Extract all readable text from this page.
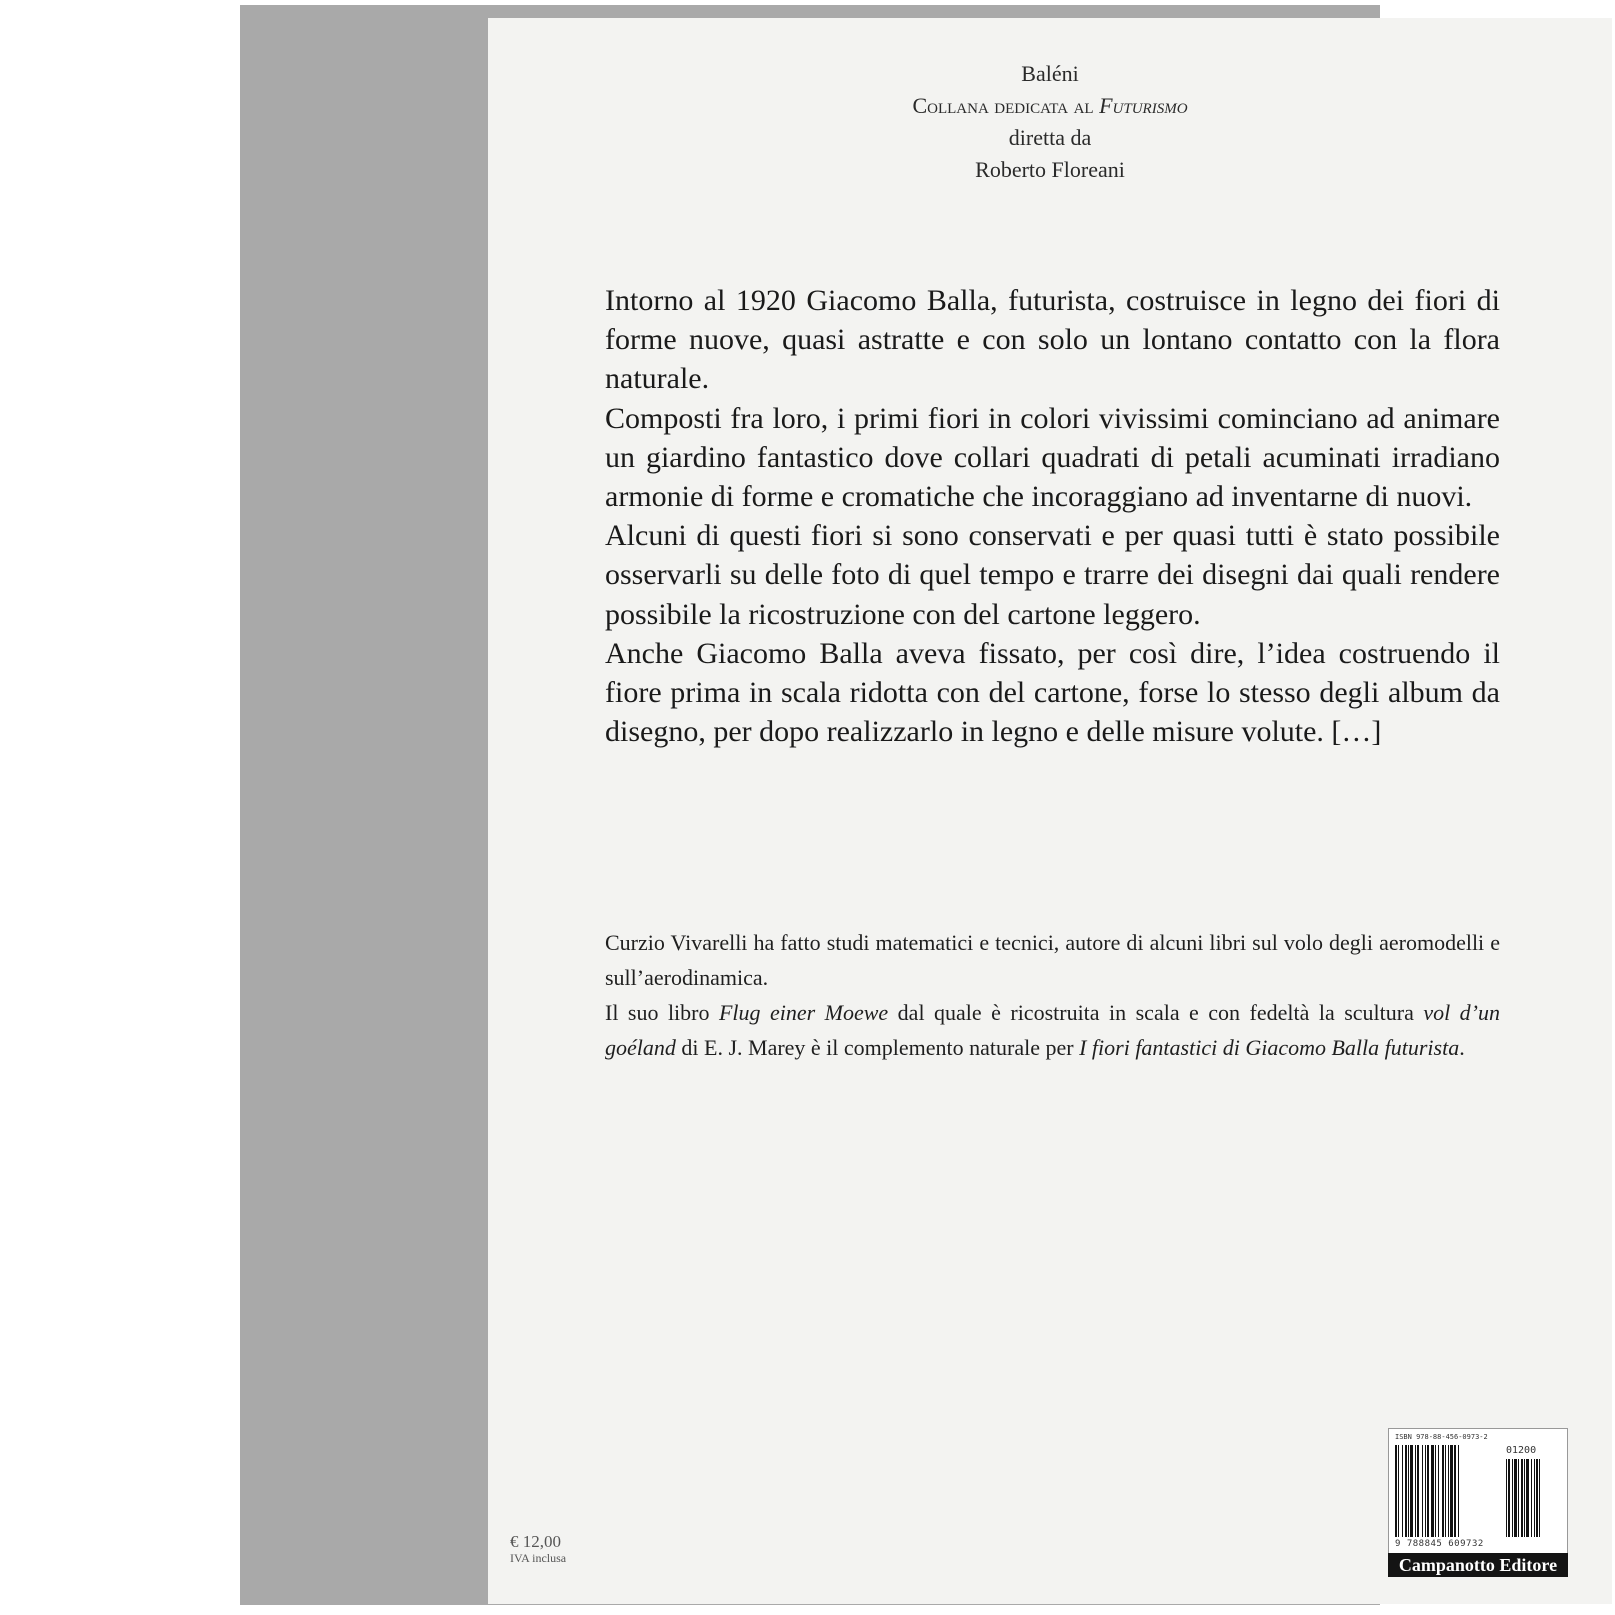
Baléni
Collana dedicata al Futurismo
diretta da
Roberto Floreani

Intorno al 1920 Giacomo Balla, futurista, costruisce in legno dei fiori di forme nuove, quasi astratte e con solo un lontano contatto con la flora naturale.

Composti fra loro, i primi fiori in colori vivissimi cominciano ad animare un giardino fantastico dove collari quadrati di petali acuminati irradiano armonie di forme e cromatiche che incoraggiano ad inventarne di nuovi.

Alcuni di questi fiori si sono conservati e per quasi tutti è stato possibile osservarli su delle foto di quel tempo e trarre dei disegni dai quali rendere possibile la ricostruzione con del cartone leggero.

Anche Giacomo Balla aveva fissato, per così dire, l’idea costruendo il fiore prima in scala ridotta con del cartone, forse lo stesso degli album da disegno, per dopo realizzarlo in legno e delle misure volute. […]

Curzio Vivarelli ha fatto studi matematici e tecnici, autore di alcuni libri sul volo degli aeromodelli e sull’aerodinamica.

Il suo libro Flug einer Moewe dal quale è ricostruita in scala e con fedeltà la scultura vol d’un goéland di E. J. Marey è il complemento naturale per I fiori fantastici di Giacomo Balla futurista.

€ 12,00
IVA inclusa
ISBN 978-88-456-0973-2
01200
9 788845 609732
Campanotto Editore
